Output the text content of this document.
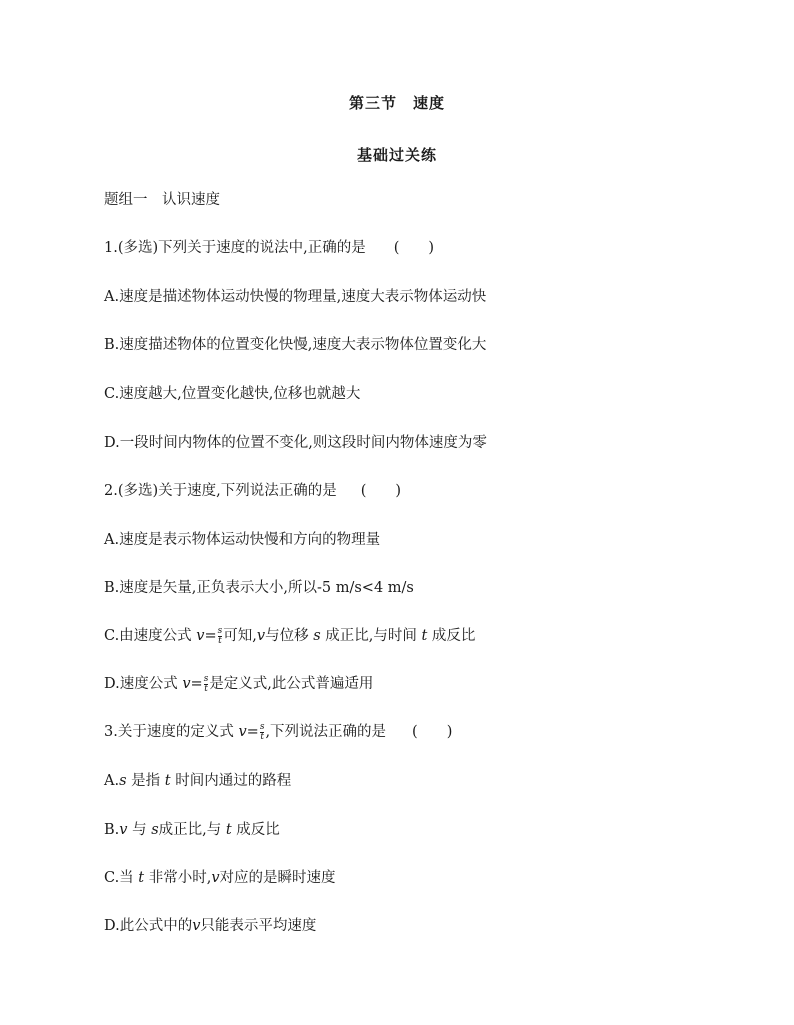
第三节　速度
基础过关练
题组一　认识速度
1.(多选)下列关于速度的说法中,正确的是 (　　)
A.速度是描述物体运动快慢的物理量,速度大表示物体运动快
B.速度描述物体的位置变化快慢,速度大表示物体位置变化大
C.速度越大,位置变化越快,位移也就越大
D.一段时间内物体的位置不变化,则这段时间内物体速度为零
2.(多选)关于速度,下列说法正确的是 (　　)
A.速度是表示物体运动快慢和方向的物理量
B.速度是矢量,正负表示大小,所以-5 m/s<4 m/s
C.由速度公式 $v= \frac{s}{t}$ 可知,v与位移 s 成正比,与时间 t 成反比
D.速度公式 $v= \frac{s}{t}$ 是定义式,此公式普遍适用
3.关于速度的定义式 $v= \frac{s}{t}$ ,下列说法正确的是 (　　)
A.s 是指 t 时间内通过的路程
B.v 与 s成正比,与 t 成反比
C.当 t 非常小时,v对应的是瞬时速度
D.此公式中的v只能表示平均速度
